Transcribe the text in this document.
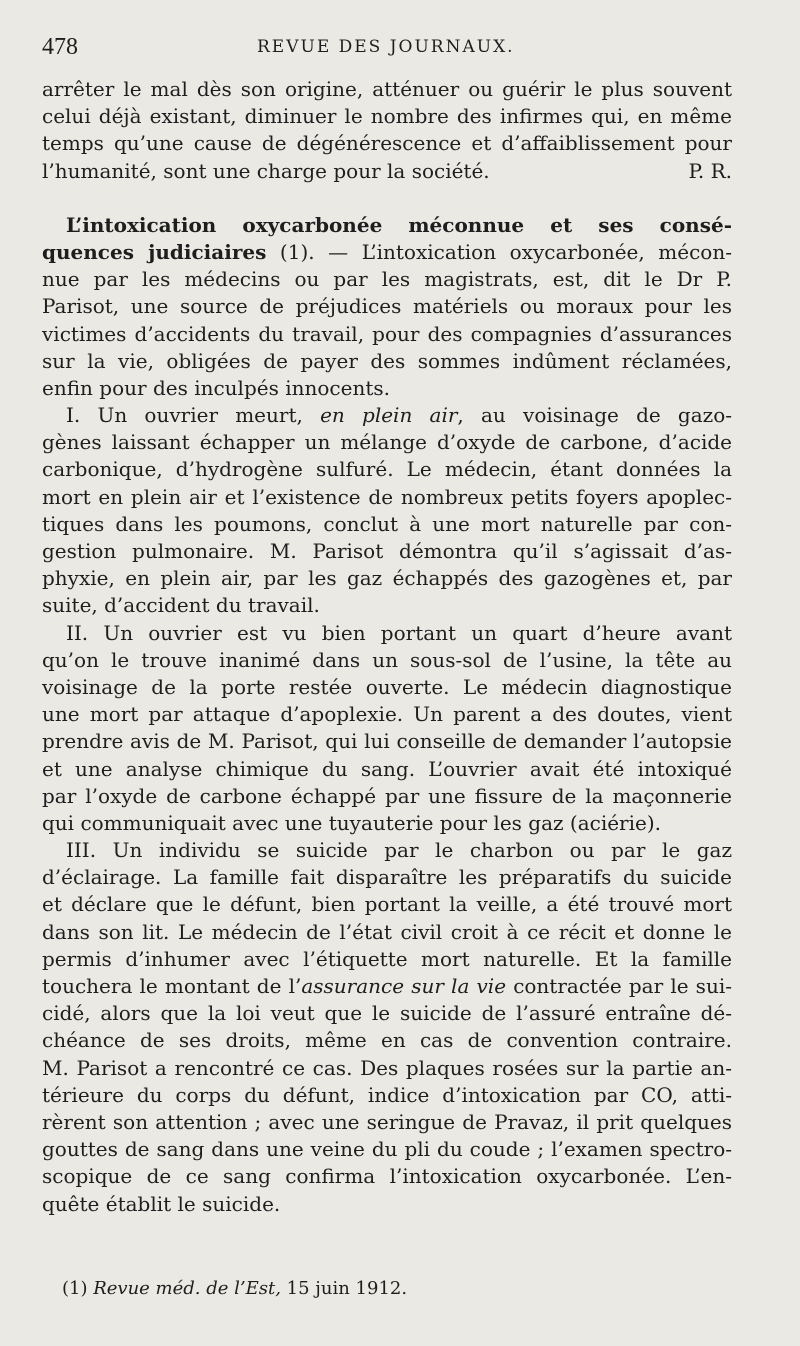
478	REVUE DES JOURNAUX.
arrêter le mal dès son origine, atténuer ou guérir le plus souvent
celui déjà existant, diminuer le nombre des infirmes qui, en même
temps qu’une cause de dégénérescence et d’affaiblissement pour
l’humanité, sont une charge pour la société.	P. R.
L’intoxication oxycarbonée méconnue et ses consé-
quences judiciaires (1). — L’intoxication oxycarbonée, mécon-
nue par les médecins ou par les magistrats, est, dit le Dr P.
Parisot, une source de préjudices matériels ou moraux pour les
victimes d’accidents du travail, pour des compagnies d’assurances
sur la vie, obligées de payer des sommes indûment réclamées,
enfin pour des inculpés innocents.
I. Un ouvrier meurt, en plein air, au voisinage de gazo-
gènes laissant échapper un mélange d’oxyde de carbone, d’acide
carbonique, d’hydrogène sulfuré. Le médecin, étant données la
mort en plein air et l’existence de nombreux petits foyers apoplec-
tiques dans les poumons, conclut à une mort naturelle par con-
gestion pulmonaire. M. Parisot démontra qu’il s’agissait d’as-
phyxie, en plein air, par les gaz échappés des gazogènes et, par
suite, d’accident du travail.
II. Un ouvrier est vu bien portant un quart d’heure avant
qu’on le trouve inanimé dans un sous-sol de l’usine, la tête au
voisinage de la porte restée ouverte. Le médecin diagnostique
une mort par attaque d’apoplexie. Un parent a des doutes, vient
prendre avis de M. Parisot, qui lui conseille de demander l’autopsie
et une analyse chimique du sang. L’ouvrier avait été intoxiqué
par l’oxyde de carbone échappé par une fissure de la maçonnerie
qui communiquait avec une tuyauterie pour les gaz (aciérie).
III. Un individu se suicide par le charbon ou par le gaz
d’éclairage. La famille fait disparaître les préparatifs du suicide
et déclare que le défunt, bien portant la veille, a été trouvé mort
dans son lit. Le médecin de l’état civil croit à ce récit et donne le
permis d’inhumer avec l’étiquette mort naturelle. Et la famille
touchera le montant de l’assurance sur la vie contractée par le sui-
cidé, alors que la loi veut que le suicide de l’assuré entraîne dé-
chéance de ses droits, même en cas de convention contraire.
M. Parisot a rencontré ce cas. Des plaques rosées sur la partie an-
térieure du corps du défunt, indice d’intoxication par CO, atti-
rèrent son attention ; avec une seringue de Pravaz, il prit quelques
gouttes de sang dans une veine du pli du coude ; l’examen spectro-
scopique de ce sang confirma l’intoxication oxycarbonée. L’en-
quête établit le suicide.
(1) Revue méd. de l’Est, 15 juin 1912.
